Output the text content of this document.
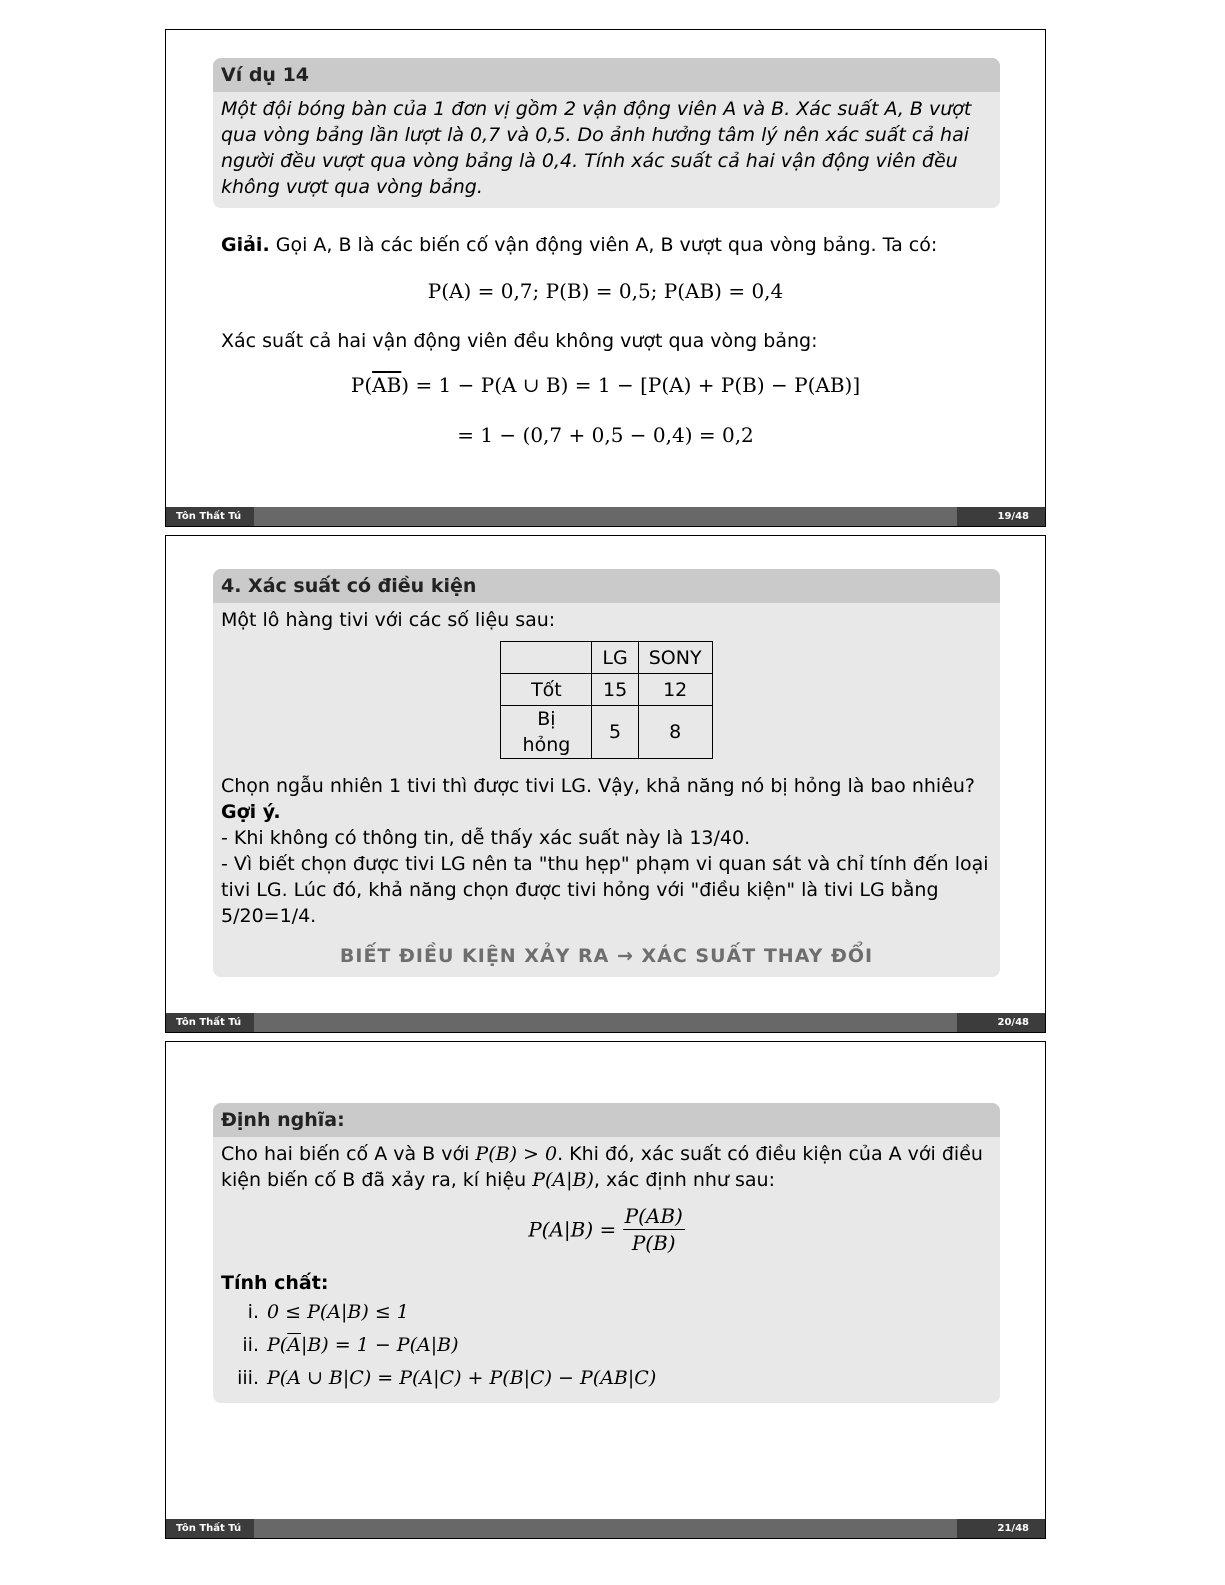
Ví dụ 14
Một đội bóng bàn của 1 đơn vị gồm 2 vận động viên A và B. Xác suất A, B vượt qua vòng bảng lần lượt là 0,7 và 0,5. Do ảnh hưởng tâm lý nên xác suất cả hai người đều vượt qua vòng bảng là 0,4. Tính xác suất cả hai vận động viên đều không vượt qua vòng bảng.
Giải. Gọi A, B là các biến cố vận động viên A, B vượt qua vòng bảng. Ta có:
P(A) = 0,7; P(B) = 0,5; P(AB) = 0,4
Xác suất cả hai vận động viên đều không vượt qua vòng bảng:
$P(\overline{A}\overline{B}) = 1 - P(A$ ∪ B) = 1 − [P(A) + P(B) − P(AB)]
= 1 − (0,7 + 0,5 − 0,4) = 0,2
Tôn Thất Tú	19/48
4. Xác suất có điều kiện
Một lô hàng tivi với các số liệu sau:
	LG	SONY
Tốt	15	12
Bị hỏng	5	8
Chọn ngẫu nhiên 1 tivi thì được tivi LG. Vậy, khả năng nó bị hỏng là bao nhiêu?
Gợi ý.
- Khi không có thông tin, dễ thấy xác suất này là 13/40.
- Vì biết chọn được tivi LG nên ta "thu hẹp" phạm vi quan sát và chỉ tính đến loại tivi LG. Lúc đó, khả năng chọn được tivi hỏng với "điều kiện" là tivi LG bằng 5/20=1/4.
BIẾT ĐIỀU KIỆN XẢY RA → XÁC SUẤT THAY ĐỔI
Tôn Thất Tú	20/48
Định nghĩa:
Cho hai biến cố A và B với P(B) > 0. Khi đó, xác suất có điều kiện của A với điều kiện biến cố B đã xảy ra, kí hiệu P(A|B), xác định như sau:
$P(A|B) = \frac{P(AB)}{P(B)}$
Tính chất:
i. 0 ≤ P(A|B) ≤ 1
ii. $P(\overline{A}|B) = 1 - P(A|B)$
iii. P(A ∪ B|C) = P(A|C) + P(B|C) − P(AB|C)
Tôn Thất Tú	21/48
